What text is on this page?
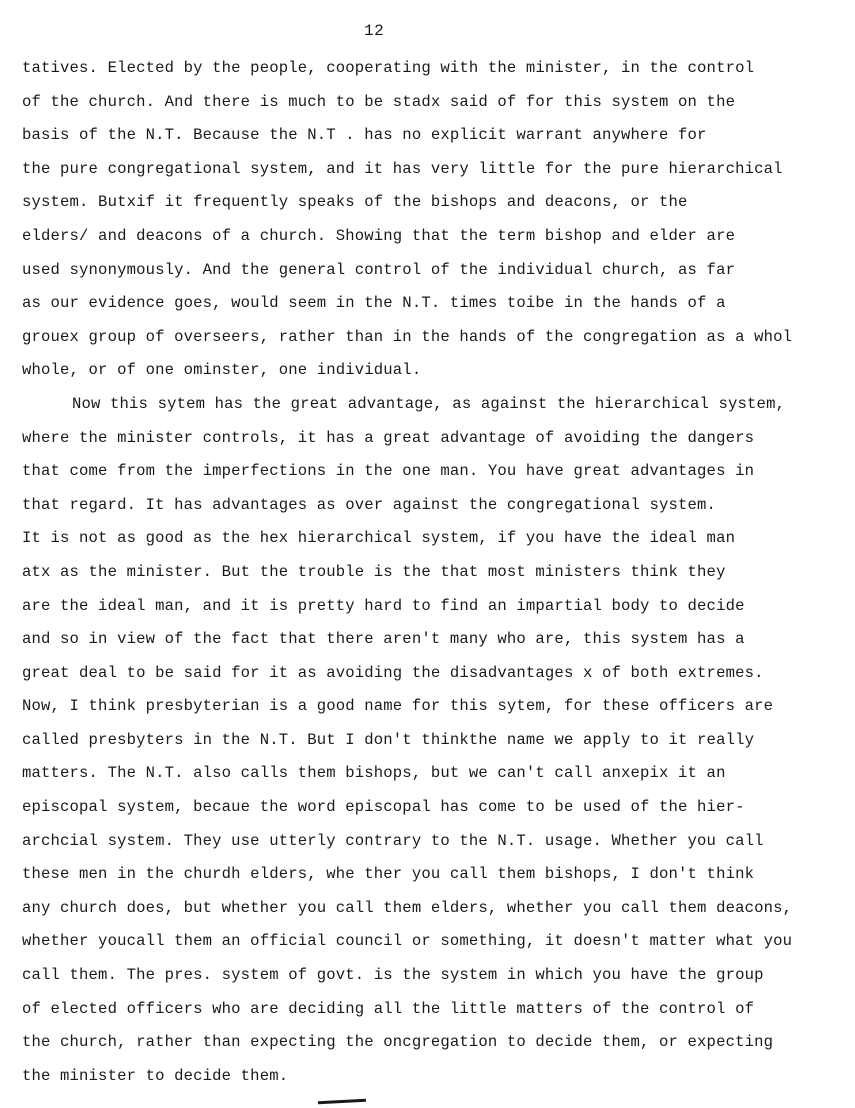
12
tatives. Elected by the people, cooperating with the minister, in the control
of the church. And there is much to be stadx said of for this system on the
basis of the N.T. Because the N.T . has no explicit warrant anywhere for
the pure congregational system, and it has very little for the pure hierarchical
system. Butxif it frequently speaks of the bishops and deacons, or the
elders/ and deacons of a church. Showing that the term bishop and elder are
used synonymously. And the general control of the individual church, as far
as our evidence goes, would seem in the N.T. times toibe in the hands of a
grouex group of overseers, rather than in the hands of the congregation as a whol
whole, or of one ominster, one individual.
Now this sytem has the great advantage, as against the hierarchical system,
where the minister controls, it has a great advantage of avoiding the dangers
that come from the imperfections in the one man. You have great advantages in
that regard. It has advantages as over against the congregational system.
It is not as good as the hex hierarchical system, if you have the ideal man
atx as the minister. But the trouble is the that most ministers think they
are the ideal man, and it is pretty hard to find an impartial body to decide
and so in view of the fact that there aren't many who are, this system has a
great deal to be said for it as avoiding the disadvantages x of both extremes.
Now, I think presbyterian is a good name for this sytem, for these officers are
called presbyters in the N.T. But I don't thinkthe name we apply to it really
matters. The N.T. also calls them bishops, but we can't call anxepix it an
episcopal system, becaue the word episcopal has come to be used of the hier-
archcial system. They use utterly contrary to the N.T. usage. Whether you call
these men in the churdh elders, whe ther you call them bishops, I don't think
any church does, but whether you call them elders, whether you call them deacons,
whether youcall them an official council or something, it doesn't matter what you
call them. The pres. system of govt. is the system in which you have the group
of elected officers who are deciding all the little matters of the control of
the church, rather than expecting the oncgregation to decide them, or expecting
the minister to decide them.
